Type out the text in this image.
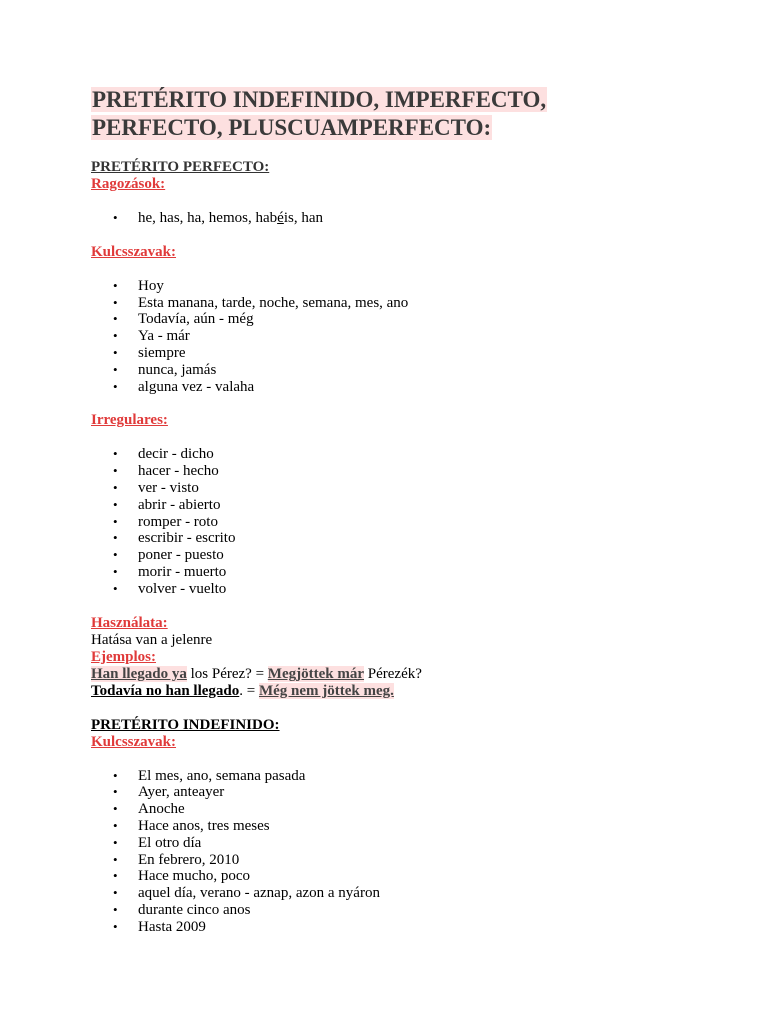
PRETÉRITO INDEFINIDO, IMPERFECTO,
PERFECTO, PLUSCUAMPERFECTO:
PRETÉRITO PERFECTO:
Ragozások:
• he, has, ha, hemos, habéis, han
Kulcsszavak:
• Hoy
• Esta manana, tarde, noche, semana, mes, ano
• Todavía, aún - még
• Ya - már
• siempre
• nunca, jamás
• alguna vez - valaha
Irregulares:
• decir - dicho
• hacer - hecho
• ver - visto
• abrir - abierto
• romper - roto
• escribir - escrito
• poner - puesto
• morir - muerto
• volver - vuelto
Használata:
Hatása van a jelenre
Ejemplos:
Han llegado ya los Pérez? = Megjöttek már Pérezék?
Todavía no han llegado. = Még nem jöttek meg.
PRETÉRITO INDEFINIDO:
Kulcsszavak:
• El mes, ano, semana pasada
• Ayer, anteayer
• Anoche
• Hace anos, tres meses
• El otro día
• En febrero, 2010
• Hace mucho, poco
• aquel día, verano - aznap, azon a nyáron
• durante cinco anos
• Hasta 2009
